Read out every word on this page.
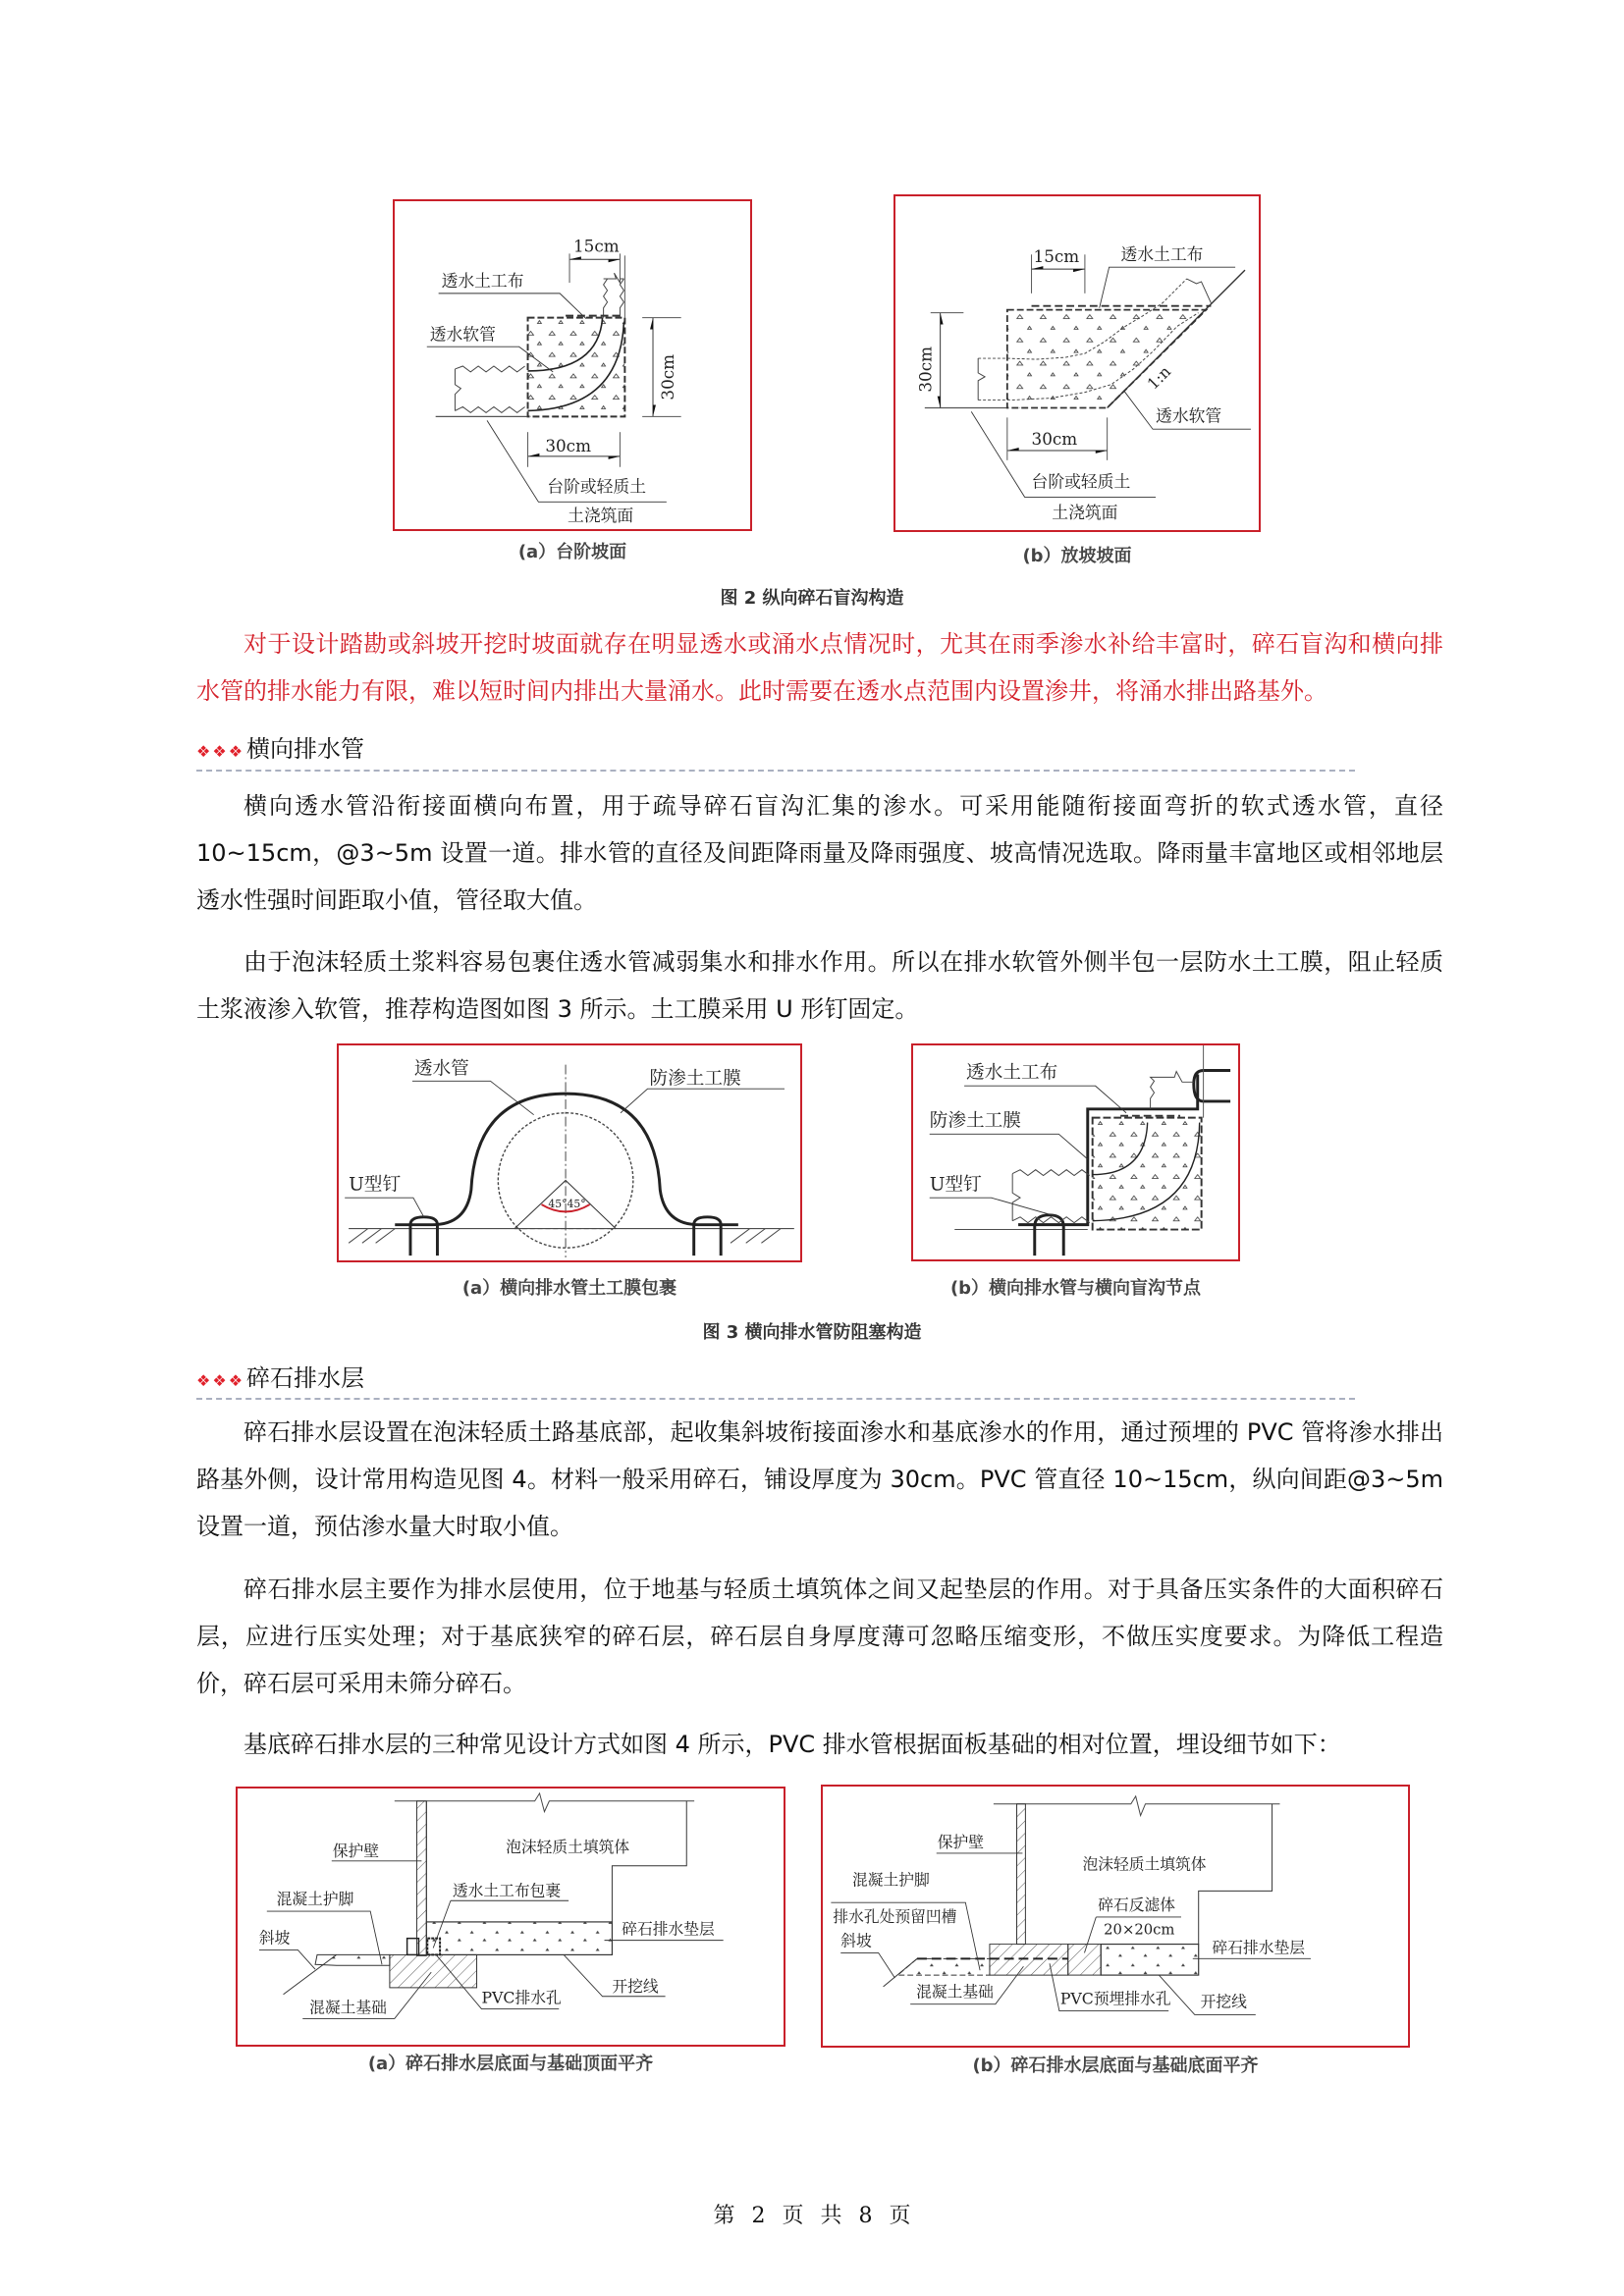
15cm
30cm
30cm
透水土工布
透水软管
台阶或轻质土
土浇筑面
(a）台阶坡面
15cm
30cm
30cm
透水土工布
1:n
透水软管
台阶或轻质土
土浇筑面
(b）放坡坡面
图 2 纵向碎石盲沟构造
对于设计踏勘或斜坡开挖时坡面就存在明显透水或涌水点情况时，尤其在雨季渗水补给丰富时，碎石盲沟和横向排水管的排水能力有限，难以短时间内排出大量涌水。此时需要在透水点范围内设置渗井，将涌水排出路基外。
❖❖❖横向排水管
横向透水管沿衔接面横向布置，用于疏导碎石盲沟汇集的渗水。可采用能随衔接面弯折的软式透水管，直径 10~15cm，@3~5m 设置一道。排水管的直径及间距降雨量及降雨强度、坡高情况选取。降雨量丰富地区或相邻地层透水性强时间距取小值，管径取大值。
由于泡沫轻质土浆料容易包裹住透水管减弱集水和排水作用。所以在排水软管外侧半包一层防水土工膜，阻止轻质土浆液渗入软管，推荐构造图如图 3 所示。土工膜采用 U 形钉固定。
45°45°
透水管	防渗土工膜
U型钉
(a）横向排水管土工膜包裹
透水土工布
防渗土工膜
U型钉
(b）横向排水管与横向盲沟节点
图 3 横向排水管防阻塞构造
❖❖❖碎石排水层
碎石排水层设置在泡沫轻质土路基底部，起收集斜坡衔接面渗水和基底渗水的作用，通过预埋的 PVC 管将渗水排出路基外侧，设计常用构造见图 4。材料一般采用碎石，铺设厚度为 30cm。PVC 管直径 10~15cm，纵向间距@3~5m 设置一道，预估渗水量大时取小值。
碎石排水层主要作为排水层使用，位于地基与轻质土填筑体之间又起垫层的作用。对于具备压实条件的大面积碎石层，应进行压实处理；对于基底狭窄的碎石层，碎石层自身厚度薄可忽略压缩变形，不做压实度要求。为降低工程造价，碎石层可采用未筛分碎石。
基底碎石排水层的三种常见设计方式如图 4 所示，PVC 排水管根据面板基础的相对位置，埋设细节如下：
保护壁	泡沫轻质土填筑体
混凝土护脚	透水土工布包裹
斜坡	碎石排水垫层
混凝土基础
PVC排水孔
开挖线
(a）碎石排水层底面与基础顶面平齐
保护壁
泡沫轻质土填筑体
混凝土护脚
排水孔处预留凹槽
碎石反滤体
20×20cm
斜坡	碎石排水垫层
混凝土基础	PVC预埋排水孔 开挖线
(b）碎石排水层底面与基础底面平齐
第 2 页 共 8 页
